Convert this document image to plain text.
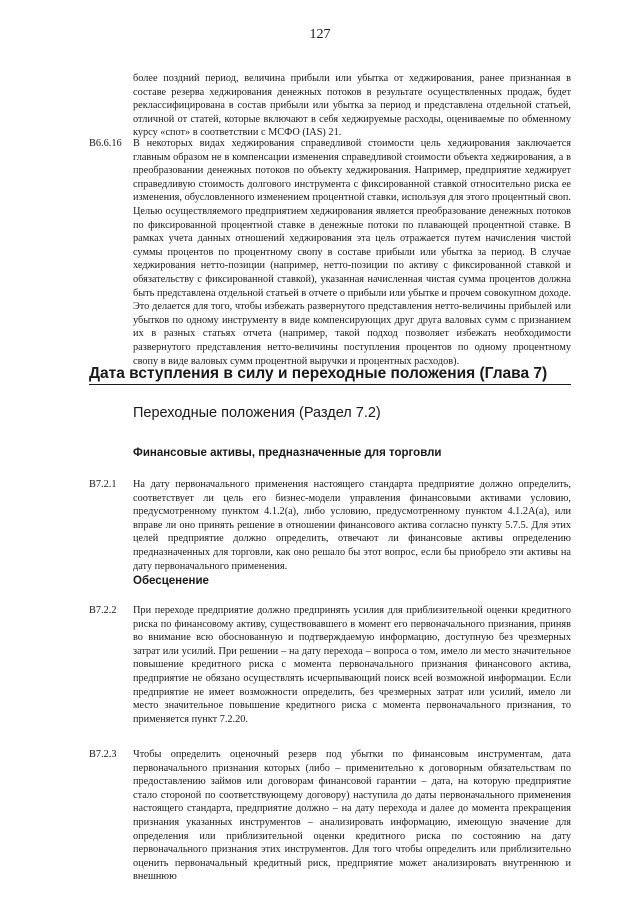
127
более поздний период, величина прибыли или убытка от хеджирования, ранее признанная в составе резерва хеджирования денежных потоков в результате осуществленных продаж, будет реклассифицирована в состав прибыли или убытка за период и представлена отдельной статьей, отличной от статей, которые включают в себя хеджируемые расходы, оцениваемые по обменному курсу «спот» в соответствии с МСФО (IAS) 21.
B6.6.16 В некоторых видах хеджирования справедливой стоимости цель хеджирования заключается главным образом не в компенсации изменения справедливой стоимости объекта хеджирования, а в преобразовании денежных потоков по объекту хеджирования. Например, предприятие хеджирует справедливую стоимость долгового инструмента с фиксированной ставкой относительно риска ее изменения, обусловленного изменением процентной ставки, используя для этого процентный своп. Целью осуществляемого предприятием хеджирования является преобразование денежных потоков по фиксированной процентной ставке в денежные потоки по плавающей процентной ставке. В рамках учета данных отношений хеджирования эта цель отражается путем начисления чистой суммы процентов по процентному свопу в составе прибыли или убытка за период. В случае хеджирования нетто-позиции (например, нетто-позиции по активу с фиксированной ставкой и обязательству с фиксированной ставкой), указанная начисленная чистая сумма процентов должна быть представлена отдельной статьей в отчете о прибыли или убытке и прочем совокупном доходе. Это делается для того, чтобы избежать развернутого представления нетто-величины прибылей или убытков по одному инструменту в виде компенсирующих друг друга валовых сумм с признанием их в разных статьях отчета (например, такой подход позволяет избежать необходимости развернутого представления нетто-величины поступления процентов по одному процентному свопу в виде валовых сумм процентной выручки и процентных расходов).
Дата вступления в силу и переходные положения (Глава 7)
Переходные положения (Раздел 7.2)
Финансовые активы, предназначенные для торговли
B7.2.1 На дату первоначального применения настоящего стандарта предприятие должно определить, соответствует ли цель его бизнес-модели управления финансовыми активами условию, предусмотренному пунктом 4.1.2(a), либо условию, предусмотренному пунктом 4.1.2A(a), или вправе ли оно принять решение в отношении финансового актива согласно пункту 5.7.5. Для этих целей предприятие должно определить, отвечают ли финансовые активы определению предназначенных для торговли, как оно решало бы этот вопрос, если бы приобрело эти активы на дату первоначального применения.
Обесценение
B7.2.2 При переходе предприятие должно предпринять усилия для приблизительной оценки кредитного риска по финансовому активу, существовавшего в момент его первоначального признания, приняв во внимание всю обоснованную и подтверждаемую информацию, доступную без чрезмерных затрат или усилий. При решении – на дату перехода – вопроса о том, имело ли место значительное повышение кредитного риска с момента первоначального признания финансового актива, предприятие не обязано осуществлять исчерпывающий поиск всей возможной информации. Если предприятие не имеет возможности определить, без чрезмерных затрат или усилий, имело ли место значительное повышение кредитного риска с момента первоначального признания, то применяется пункт 7.2.20.
B7.2.3 Чтобы определить оценочный резерв под убытки по финансовым инструментам, дата первоначального признания которых (либо – применительно к договорным обязательствам по предоставлению займов или договорам финансовой гарантии – дата, на которую предприятие стало стороной по соответствующему договору) наступила до даты первоначального применения настоящего стандарта, предприятие должно – на дату перехода и далее до момента прекращения признания указанных инструментов – анализировать информацию, имеющую значение для определения или приблизительной оценки кредитного риска по состоянию на дату первоначального признания этих инструментов. Для того чтобы определить или приблизительно оценить первоначальный кредитный риск, предприятие может анализировать внутреннюю и внешнюю
